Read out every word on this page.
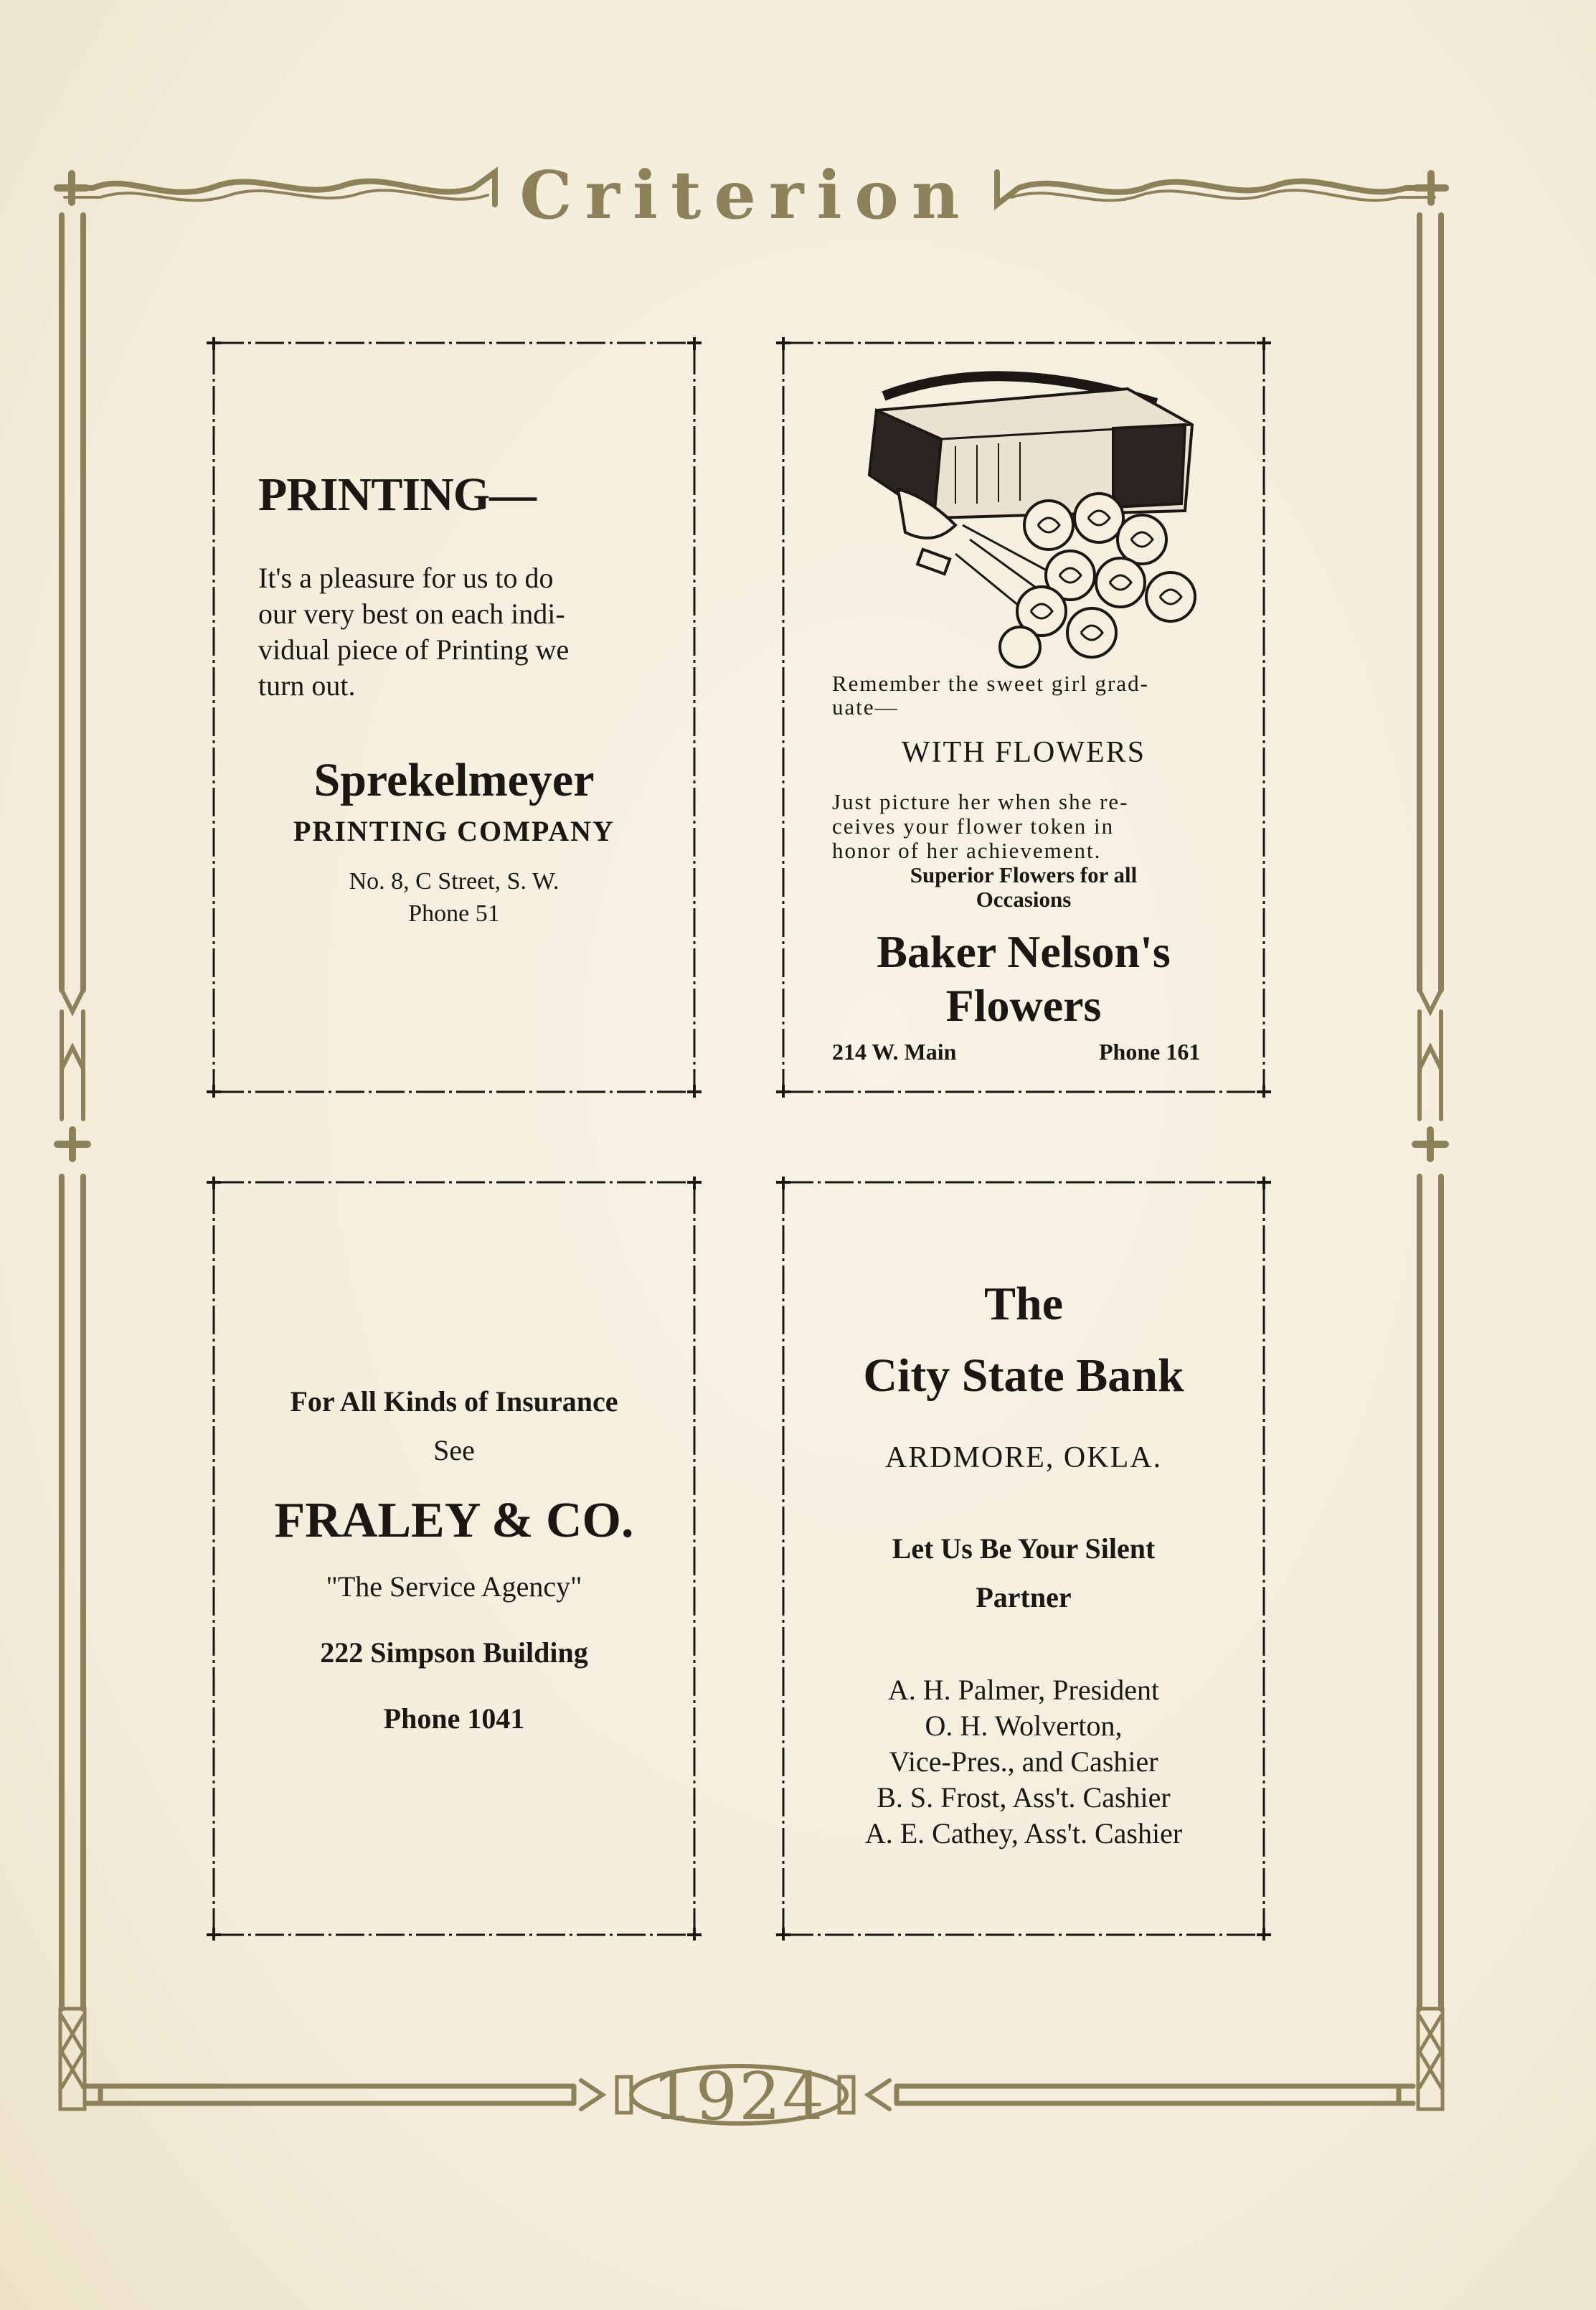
Criterion
1924
PRINTING—
It's a pleasure for us to do
our very best on each indi-
vidual piece of Printing we
turn out.
Sprekelmeyer
PRINTING COMPANY
No. 8, C Street, S. W.
Phone 51
Remember the sweet girl grad-
uate—
WITH FLOWERS
Just picture her when she re-
ceives your flower token in
honor of her achievement.
Superior Flowers for all
Occasions
Baker Nelson's
Flowers
214 W. Main	Phone 161
For All Kinds of Insurance
See
FRALEY & CO.
"The Service Agency"
222 Simpson Building
Phone 1041
The
City State Bank
ARDMORE, OKLA.
Let Us Be Your Silent
Partner
A. H. Palmer, President
O. H. Wolverton,
Vice-Pres., and Cashier
B. S. Frost, Ass't. Cashier
A. E. Cathey, Ass't. Cashier
